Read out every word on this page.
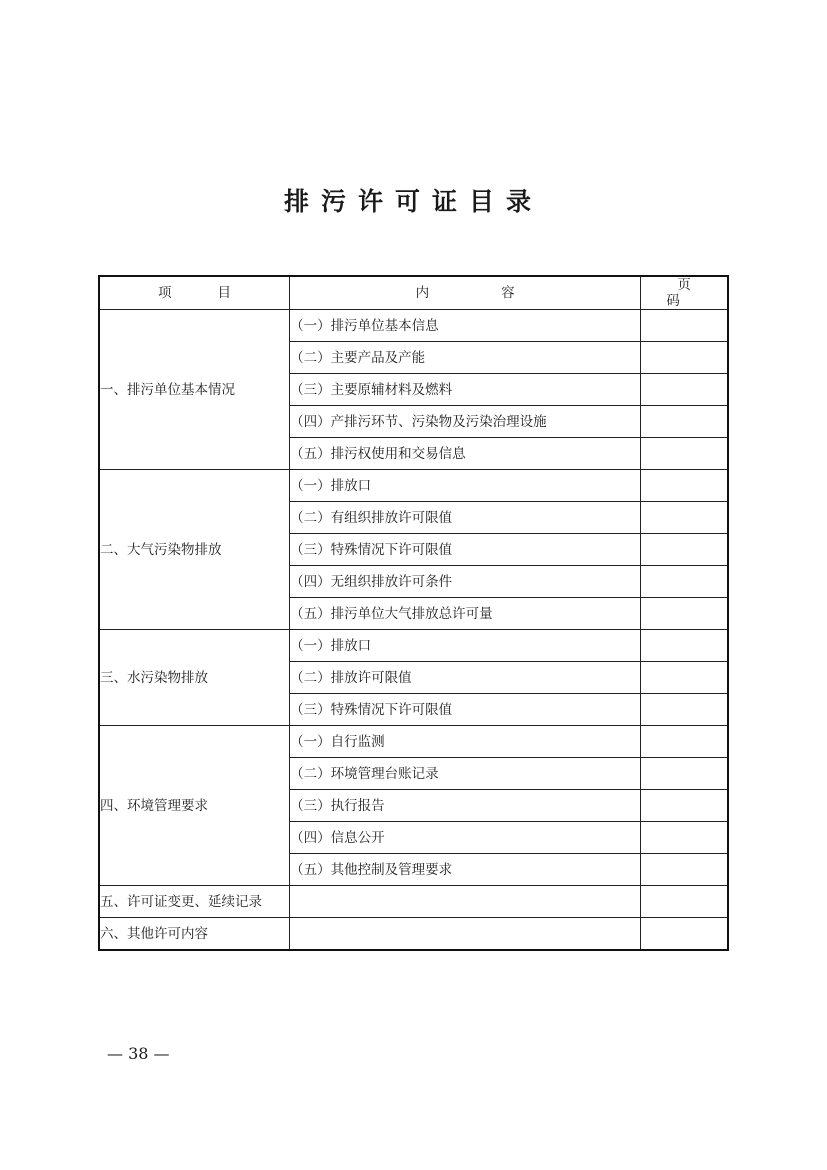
排污许可证目录
项目	内容	页码
一、排污单位基本情况	（一）排污单位基本信息	
	（二）主要产品及产能	
	（三）主要原辅材料及燃料	
	（四）产排污环节、污染物及污染治理设施	
	（五）排污权使用和交易信息	
二、大气污染物排放	（一）排放口	
	（二）有组织排放许可限值	
	（三）特殊情况下许可限值	
	（四）无组织排放许可条件	
	（五）排污单位大气排放总许可量	
三、水污染物排放	（一）排放口	
	（二）排放许可限值	
	（三）特殊情况下许可限值	
四、环境管理要求	（一）自行监测	
	（二）环境管理台账记录	
	（三）执行报告	
	（四）信息公开	
	（五）其他控制及管理要求	
五、许可证变更、延续记录		
六、其他许可内容		
— 38 —
